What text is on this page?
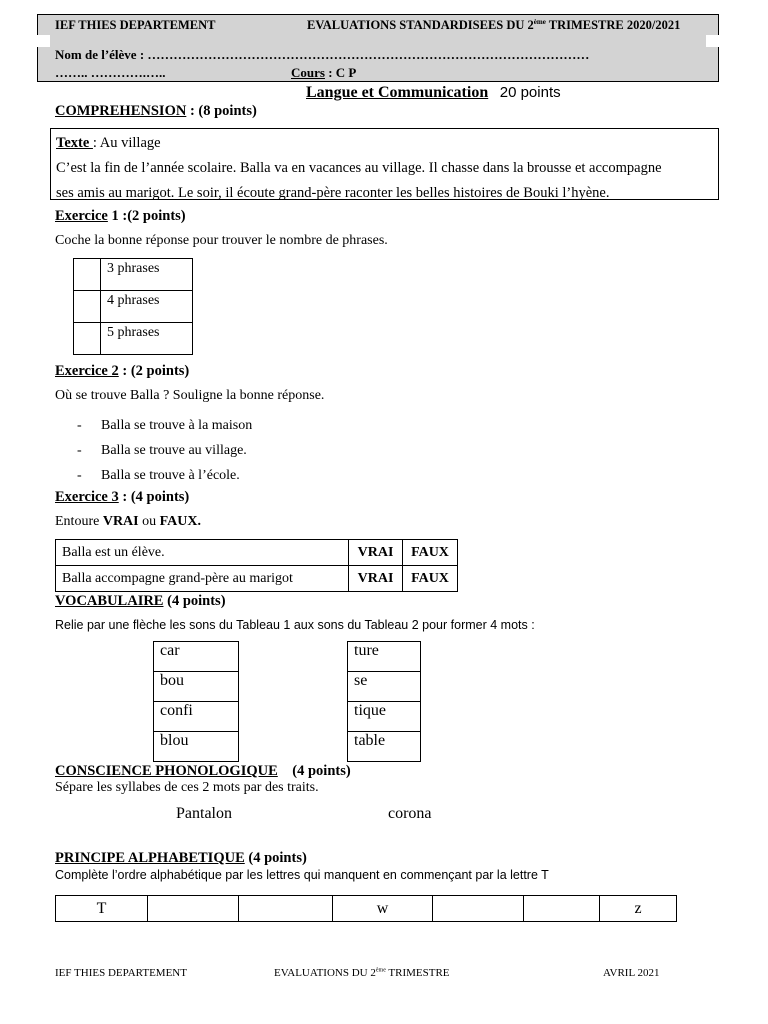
IEF THIES DEPARTEMENT	EVALUATIONS STANDARDISEES DU 2ème TRIMESTRE 2020/2021
Nom de l’élève : …………………………………………………………………………………………
…….. ………….…..	Cours : C P
Langue et Communication 20 points
COMPREHENSION : (8 points)
Texte : Au village
C’est la fin de l’année scolaire. Balla va en vacances au village. Il chasse dans la brousse et accompagne
ses amis au marigot. Le soir, il écoute grand-père raconter les belles histoires de Bouki l’hyène.
Exercice 1 :(2 points)
Coche la bonne réponse pour trouver le nombre de phrases.
	3 phrases
	4 phrases
	5 phrases
Exercice 2 : (2 points)
Où se trouve Balla ? Souligne la bonne réponse.
- Balla se trouve à la maison
- Balla se trouve au village.
- Balla se trouve à l’école.
Exercice 3 : (4 points)
Entoure VRAI ou FAUX.
Balla est un élève.	VRAI	FAUX
Balla accompagne grand-père au marigot	VRAI	FAUX
VOCABULAIRE (4 points)
Relie par une flèche les sons du Tableau 1 aux sons du Tableau 2 pour former 4 mots :
car
bou
confi
blou
ture
se
tique
table
CONSCIENCE PHONOLOGIQUE    (4 points)
Sépare les syllabes de ces 2 mots par des traits.
Pantalon	corona
PRINCIPE ALPHABETIQUE (4 points)
Complète l’ordre alphabétique par les lettres qui manquent en commençant par la lettre T
T			w			z
IEF THIES DEPARTEMENT	EVALUATIONS DU 2ème TRIMESTRE	AVRIL 2021
